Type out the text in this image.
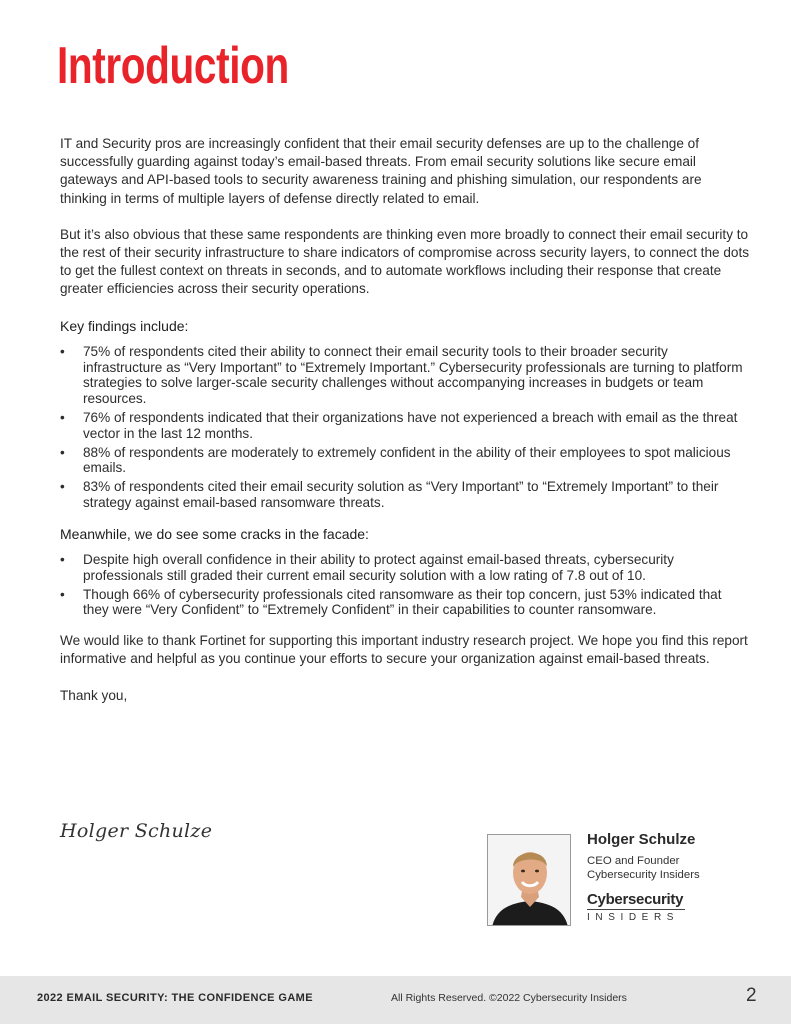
Introduction

IT and Security pros are increasingly confident that their email security defenses are up to the challenge of successfully guarding against today’s email-based threats. From email security solutions like secure email gateways and API-based tools to security awareness training and phishing simulation, our respondents are thinking in terms of multiple layers of defense directly related to email.

But it’s also obvious that these same respondents are thinking even more broadly to connect their email security to the rest of their security infrastructure to share indicators of compromise across security layers, to connect the dots to get the fullest context on threats in seconds, and to automate workflows including their response that create greater efficiencies across their security operations.

Key findings include:
• 75% of respondents cited their ability to connect their email security tools to their broader security infrastructure as “Very Important” to “Extremely Important.” Cybersecurity professionals are turning to platform strategies to solve larger-scale security challenges without accompanying increases in budgets or team resources.
• 76% of respondents indicated that their organizations have not experienced a breach with email as the threat vector in the last 12 months.
• 88% of respondents are moderately to extremely confident in the ability of their employees to spot malicious emails.
• 83% of respondents cited their email security solution as “Very Important” to “Extremely Important” to their strategy against email-based ransomware threats.
Meanwhile, we do see some cracks in the facade:
• Despite high overall confidence in their ability to protect against email-based threats, cybersecurity professionals still graded their current email security solution with a low rating of 7.8 out of 10.
• Though 66% of cybersecurity professionals cited ransomware as their top concern, just 53% indicated that they were “Very Confident” to “Extremely Confident” in their capabilities to counter ransomware.

We would like to thank Fortinet for supporting this important industry research project. We hope you find this report informative and helpful as you continue your efforts to secure your organization against email-based threats.

Thank you,

Holger Schulze	Holger Schulze
CEO and Founder
Cybersecurity Insiders
Cybersecurity
INSIDERS
2022 EMAIL SECURITY: THE CONFIDENCE GAME	All Rights Reserved. ©2022 Cybersecurity Insiders	2
